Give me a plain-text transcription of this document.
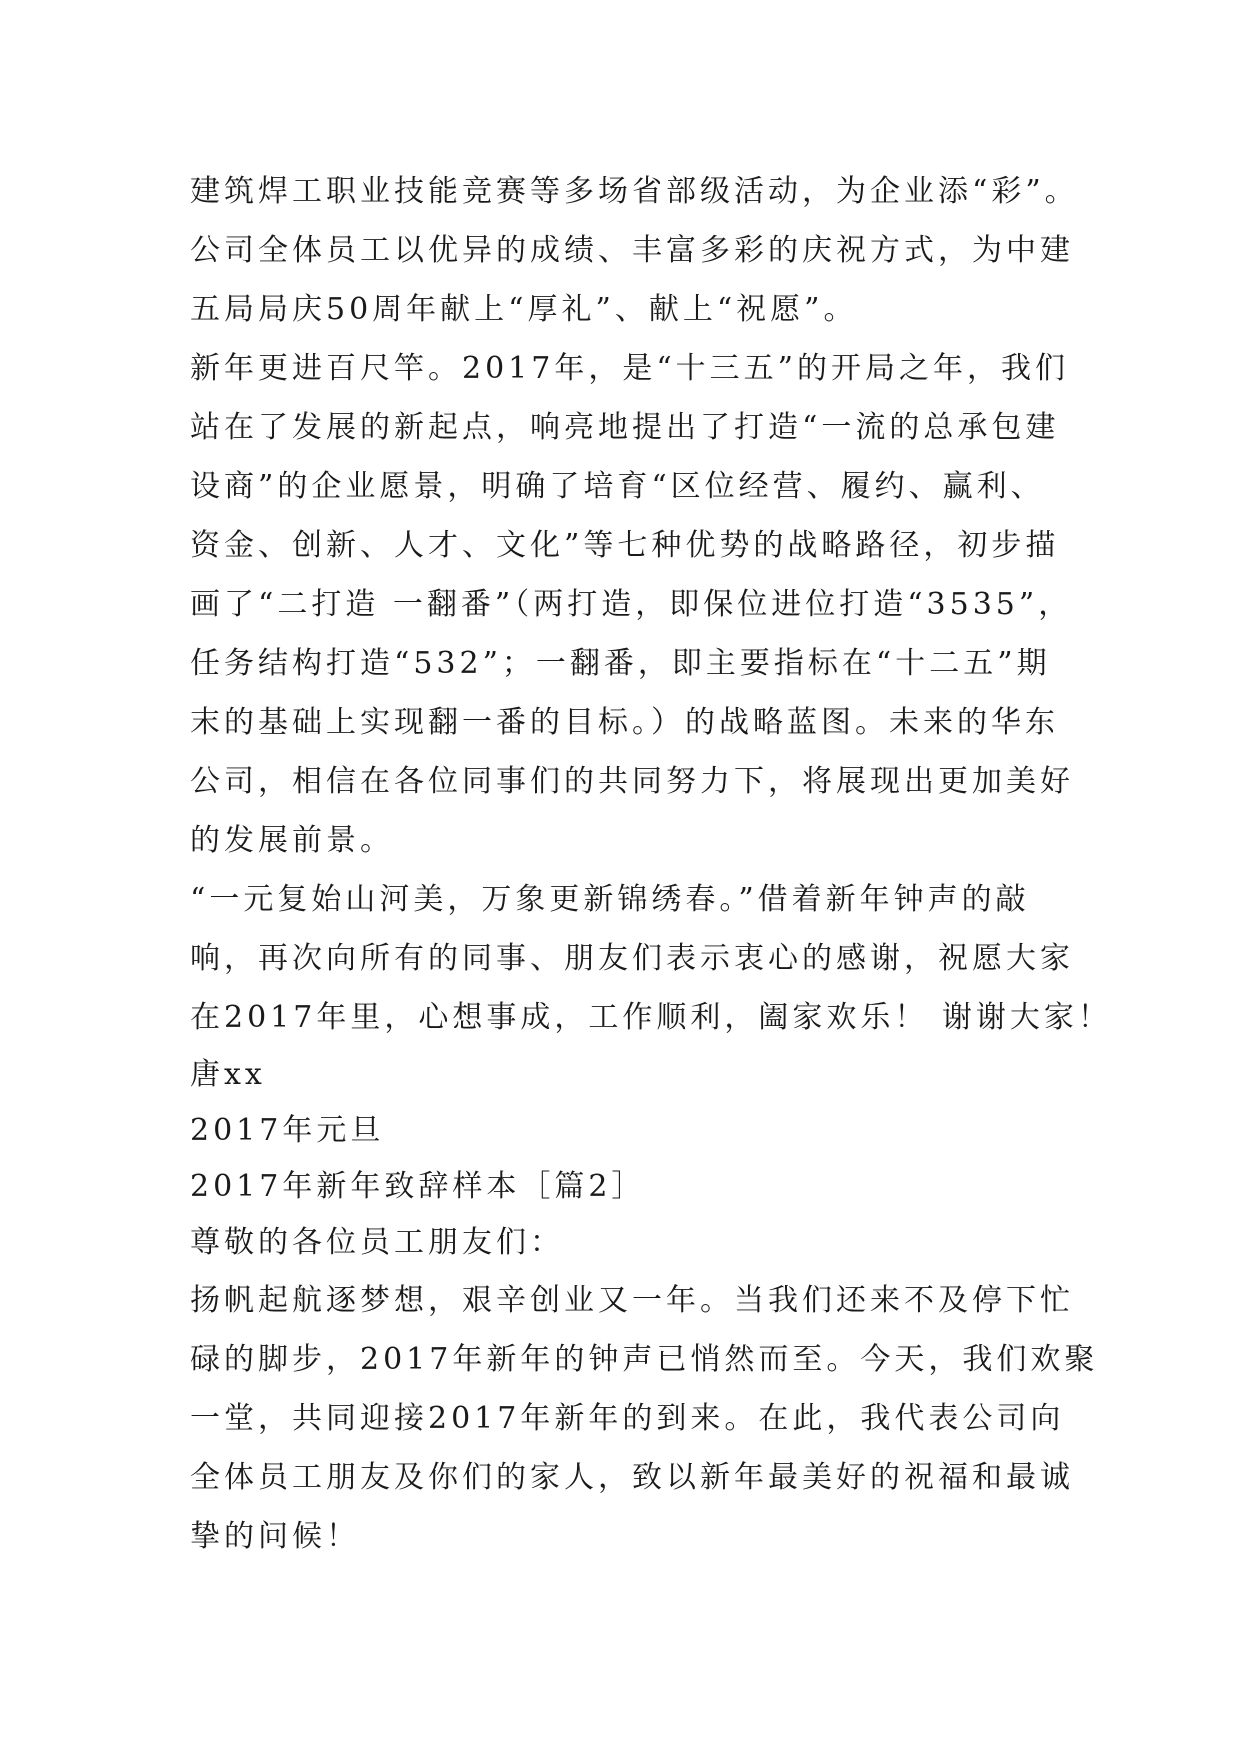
建筑焊工职业技能竞赛等多场省部级活动，为企业添“彩”。
公司全体员工以优异的成绩、丰富多彩的庆祝方式，为中建
五局局庆50周年献上“厚礼”、献上“祝愿”。
新年更进百尺竿。2017年，是“十三五”的开局之年，我们
站在了发展的新起点，响亮地提出了打造“一流的总承包建
设商”的企业愿景，明确了培育“区位经营、履约、赢利、
资金、创新、人才、文化”等七种优势的战略路径，初步描
画了“二打造 一翻番”（两打造，即保位进位打造“3535”，
任务结构打造“532”；一翻番，即主要指标在“十二五”期
末的基础上实现翻一番的目标。）的战略蓝图。未来的华东
公司，相信在各位同事们的共同努力下，将展现出更加美好
的发展前景。
“一元复始山河美，万象更新锦绣春。”借着新年钟声的敲
响，再次向所有的同事、朋友们表示衷心的感谢，祝愿大家
在2017年里，心想事成，工作顺利，阖家欢乐！ 谢谢大家！
唐xx
2017年元旦
2017年新年致辞样本［篇2］
尊敬的各位员工朋友们：
扬帆起航逐梦想，艰辛创业又一年。当我们还来不及停下忙
碌的脚步，2017年新年的钟声已悄然而至。今天，我们欢聚
一堂，共同迎接2017年新年的到来。在此，我代表公司向
全体员工朋友及你们的家人，致以新年最美好的祝福和最诚
挚的问候！
